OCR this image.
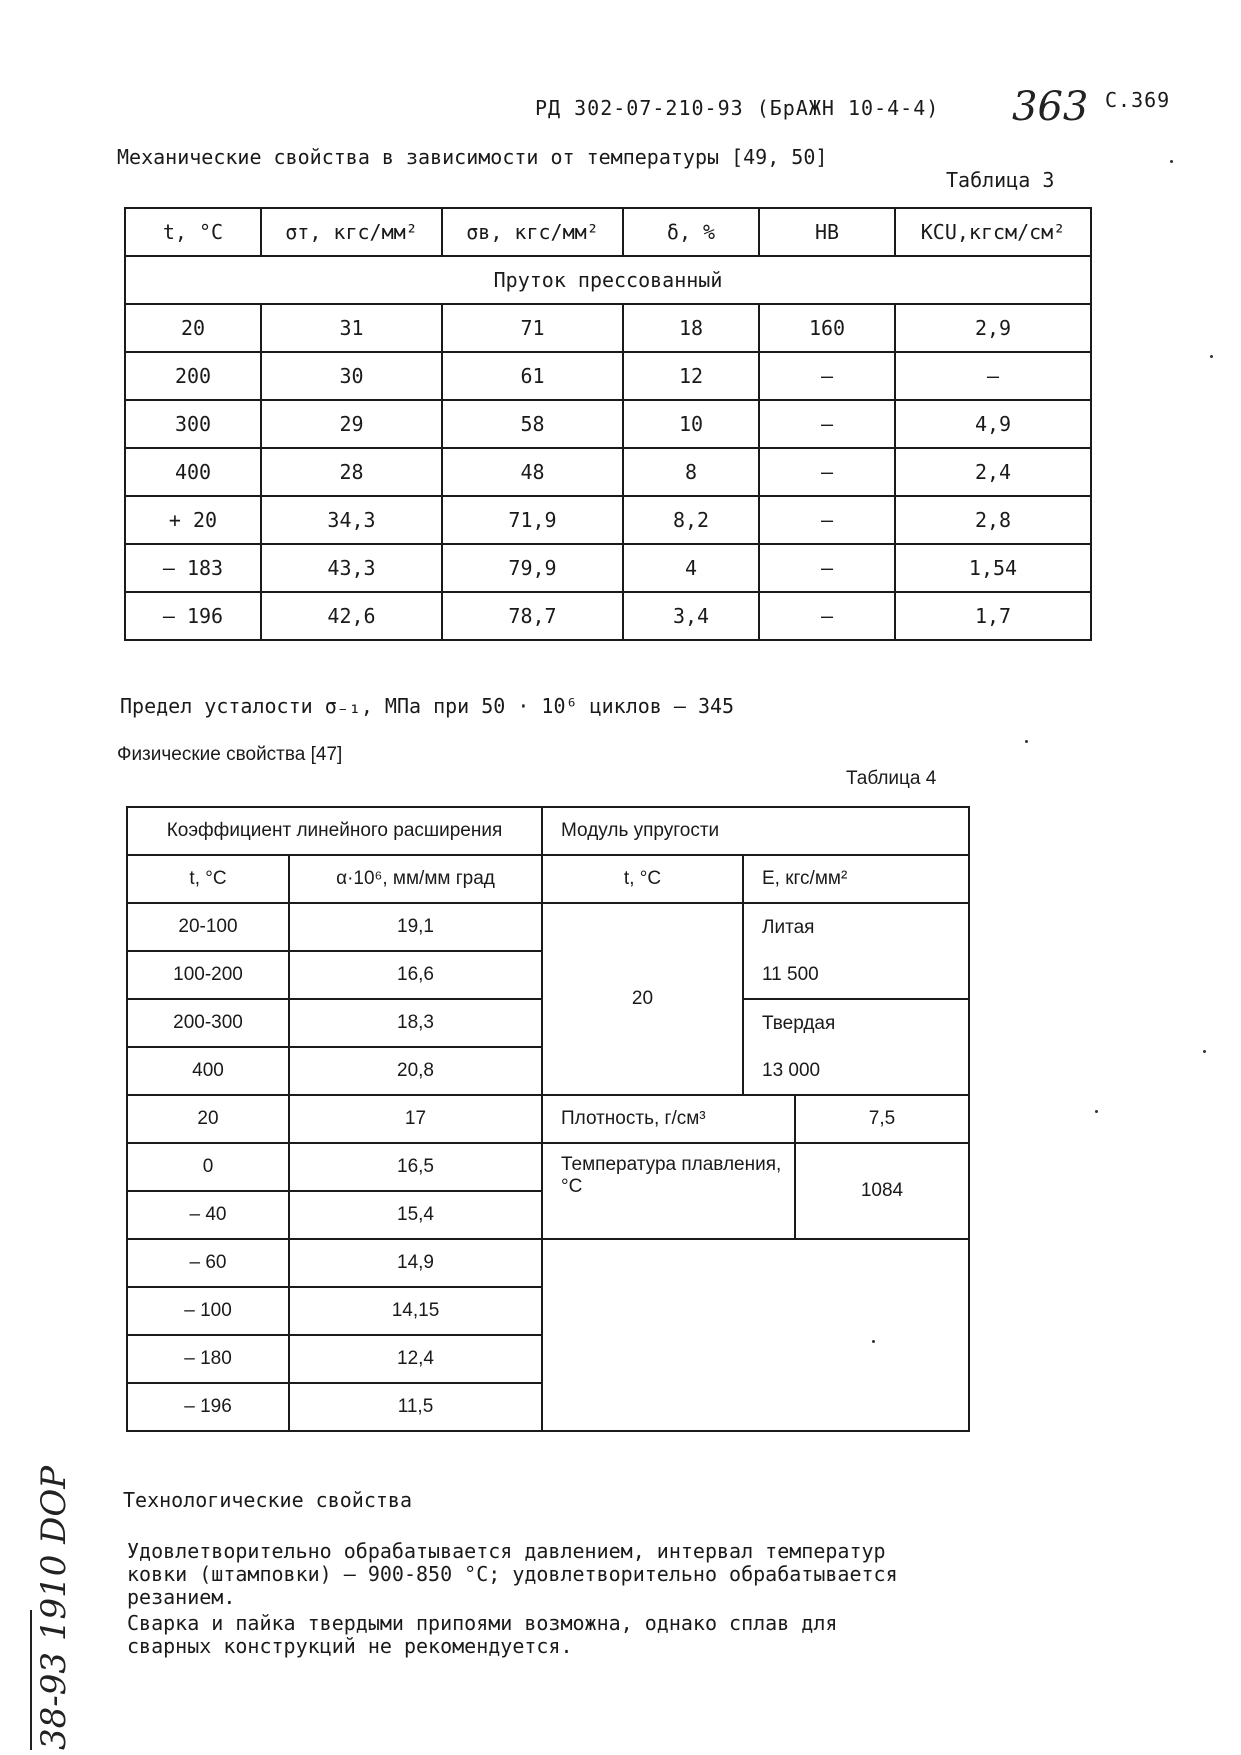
РД 302-07-210-93 (БрАЖН 10-4-4) 363 С.369
Механические свойства в зависимости от температуры [49, 50]
Таблица 3
t, °С	σт, кгс/мм²	σв, кгс/мм²	δ, %	НВ	КСU,кгсм/см²
Пруток прессованный					
20	31	71	18	160	2,9
200	30	61	12	–	–
300	29	58	10	–	4,9
400	28	48	8	–	2,4
+ 20	34,3	71,9	8,2	–	2,8
– 183	43,3	79,9	4	–	1,54
– 196	42,6	78,7	3,4	–	1,7
Предел усталости σ₋₁, МПа при 50 · 10⁶ циклов – 345
Физические свойства [47]
Таблица 4
Коэффициент линейного расширения		Модуль упругости		
t, °С	α·10⁶, мм/мм град	t, °С	Е, кгс/мм²	
20-100	19,1	20	Литая	
100-200	16,6		11 500	
200-300	18,3		Твердая	
400	20,8		13 000	
20	17	Плотность, г/см³		7,5
0	16,5	Температура плавления, °С		1084
– 40	15,4			
– 60	14,9			
– 100	14,15			
– 180	12,4			
– 196	11,5			
Технологические свойства
Удовлетворительно обрабатывается давлением, интервал температур
ковки (штамповки) – 900-850 °С; удовлетворительно обрабатывается
резанием.
Сварка и пайка твердыми припоями возможна, однако сплав для
сварных конструкций не рекомендуется.
38-93 1910 DOP
